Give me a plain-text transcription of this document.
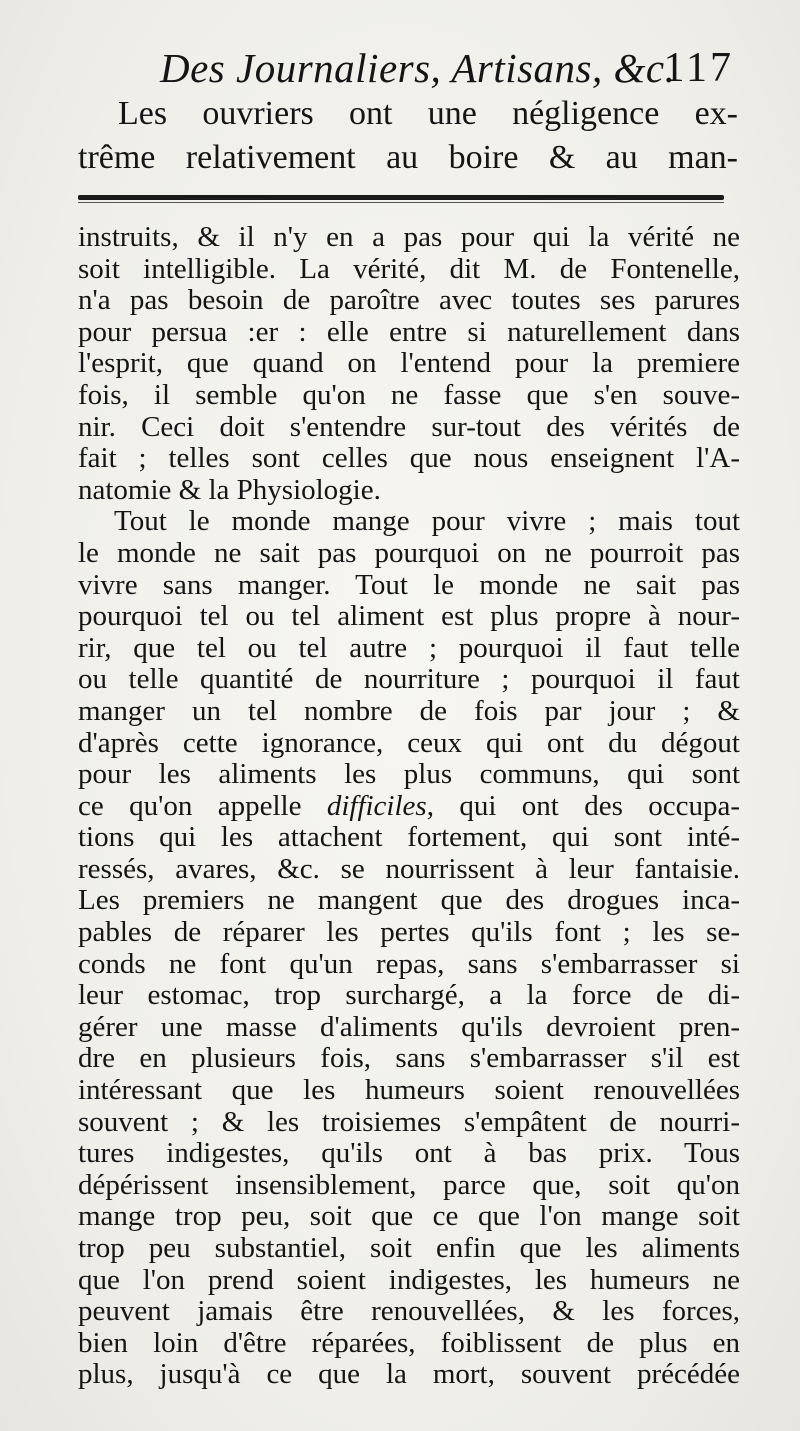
Des Journaliers, Artisans, &c.
117
Les ouvriers ont une négligence ex-
trême relativement au boire & au man-
instruits, & il n'y en a pas pour qui la vérité ne
soit intelligible. La vérité, dit M. de Fontenelle,
n'a pas besoin de paroître avec toutes ses parures
pour persua :er : elle entre si naturellement dans
l'esprit, que quand on l'entend pour la premiere
fois, il semble qu'on ne fasse que s'en souve-
nir. Ceci doit s'entendre sur-tout des vérités de
fait ; telles sont celles que nous enseignent l'A-
natomie & la Physiologie.
Tout le monde mange pour vivre ; mais tout
le monde ne sait pas pourquoi on ne pourroit pas
vivre sans manger. Tout le monde ne sait pas
pourquoi tel ou tel aliment est plus propre à nour-
rir, que tel ou tel autre ; pourquoi il faut telle
ou telle quantité de nourriture ; pourquoi il faut
manger un tel nombre de fois par jour ; &
d'après cette ignorance, ceux qui ont du dégout
pour les aliments les plus communs, qui sont
ce qu'on appelle difficiles, qui ont des occupa-
tions qui les attachent fortement, qui sont inté-
ressés, avares, &c. se nourrissent à leur fantaisie.
Les premiers ne mangent que des drogues inca-
pables de réparer les pertes qu'ils font ; les se-
conds ne font qu'un repas, sans s'embarrasser si
leur estomac, trop surchargé, a la force de di-
gérer une masse d'aliments qu'ils devroient pren-
dre en plusieurs fois, sans s'embarrasser s'il est
intéressant que les humeurs soient renouvellées
souvent ; & les troisiemes s'empâtent de nourri-
tures indigestes, qu'ils ont à bas prix. Tous
dépérissent insensiblement, parce que, soit qu'on
mange trop peu, soit que ce que l'on mange soit
trop peu substantiel, soit enfin que les aliments
que l'on prend soient indigestes, les humeurs ne
peuvent jamais être renouvellées, & les forces,
bien loin d'être réparées, foiblissent de plus en
plus, jusqu'à ce que la mort, souvent précédée
